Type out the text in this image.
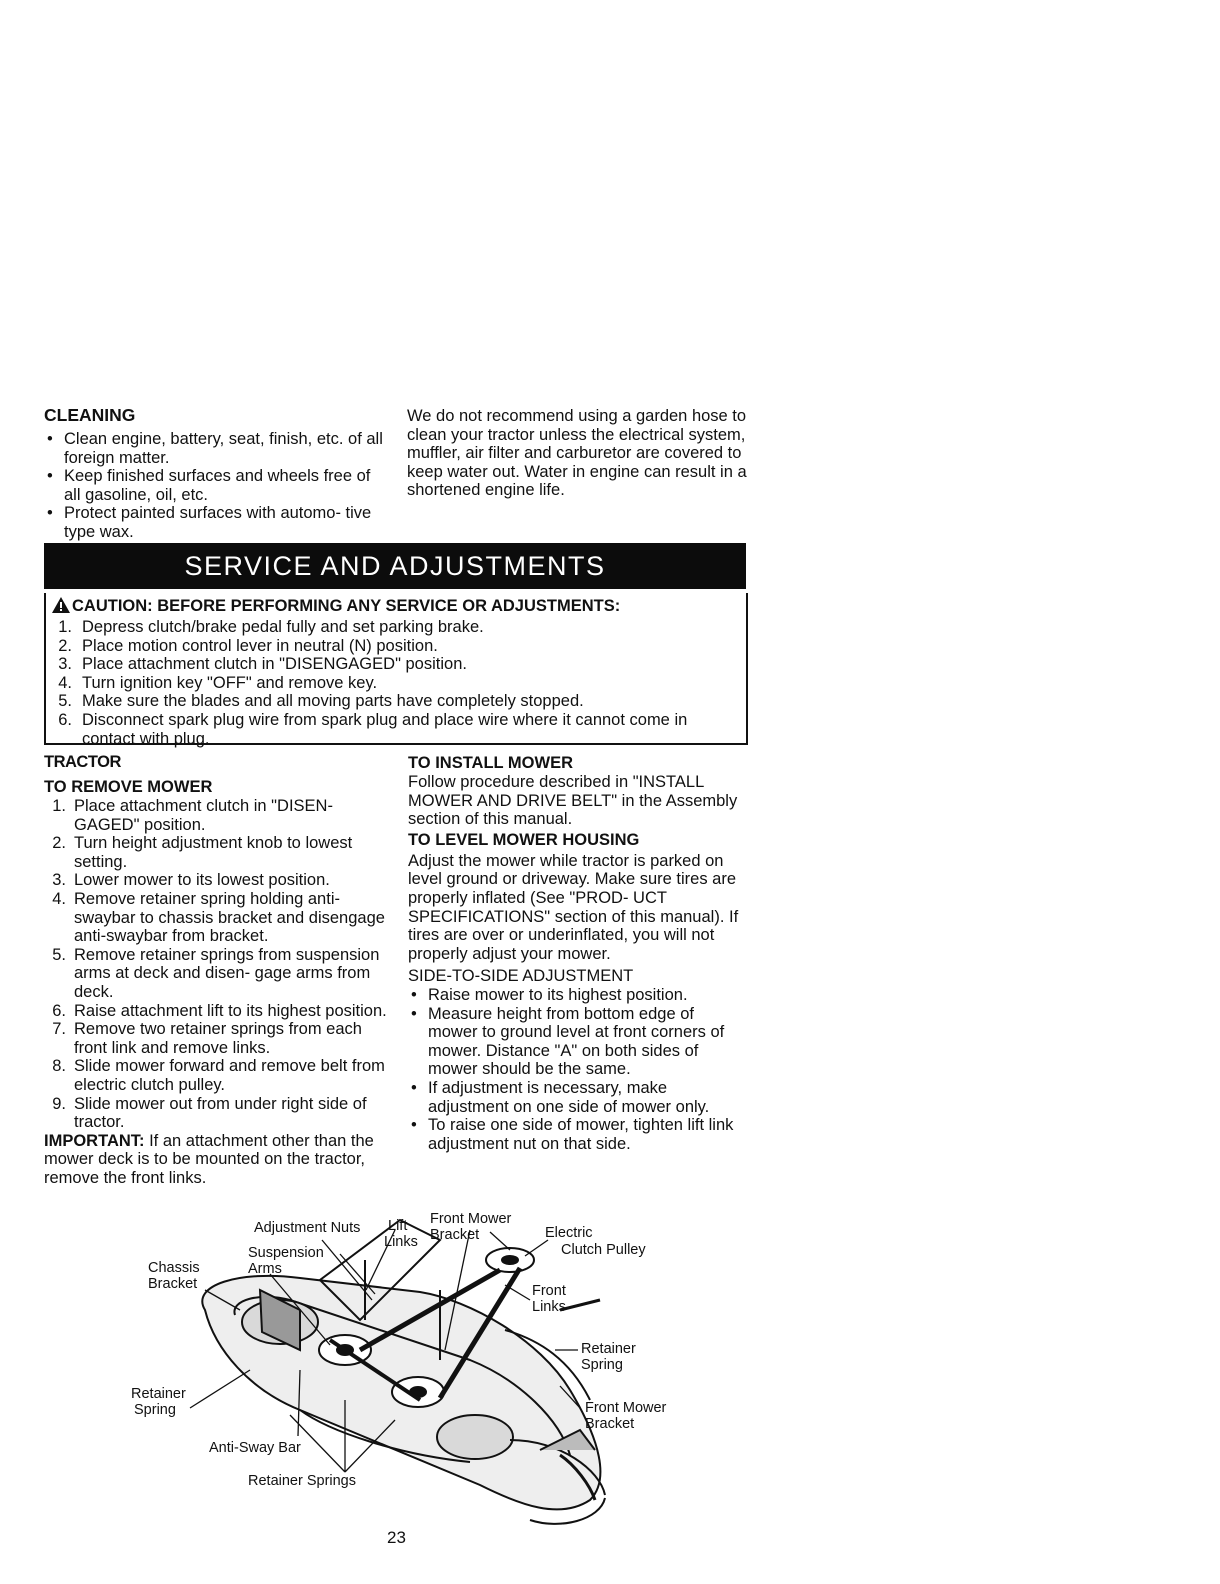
CLEANING
• Clean engine, battery, seat, finish, etc. of all foreign matter.
• Keep finished surfaces and wheels free of all gasoline, oil, etc.
• Protect painted surfaces with automo- tive type wax.
We do not recommend using a garden hose to clean your tractor unless the electrical system, muffler, air filter and carburetor are covered to keep water out. Water in engine can result in a shortened engine life.
SERVICE AND ADJUSTMENTS
CAUTION: BEFORE PERFORMING ANY SERVICE OR ADJUSTMENTS:
1. Depress clutch/brake pedal fully and set parking brake.
2. Place motion control lever in neutral (N) position.
3. Place attachment clutch in "DISENGAGED" position.
4. Turn ignition key "OFF" and remove key.
5. Make sure the blades and all moving parts have completely stopped.
6. Disconnect spark plug wire from spark plug and place wire where it cannot come in contact with plug.
TRACTOR
TO REMOVE MOWER
1. Place attachment clutch in "DISEN- GAGED" position.
2. Turn height adjustment knob to lowest setting.
3. Lower mower to its lowest position.
4. Remove retainer spring holding anti- swaybar to chassis bracket and disengage anti-swaybar from bracket.
5. Remove retainer springs from suspension arms at deck and disen- gage arms from deck.
6. Raise attachment lift to its highest position.
7. Remove two retainer springs from each front link and remove links.
8. Slide mower forward and remove belt from electric clutch pulley.
9. Slide mower out from under right side of tractor.
IMPORTANT: If an attachment other than the mower deck is to be mounted on the tractor, remove the front links.
TO INSTALL MOWER
Follow procedure described in "INSTALL MOWER AND DRIVE BELT" in the Assembly section of this manual.
TO LEVEL MOWER HOUSING
Adjust the mower while tractor is parked on level ground or driveway. Make sure tires are properly inflated (See "PROD- UCT SPECIFICATIONS" section of this manual). If tires are over or underinflated, you will not properly adjust your mower.
SIDE-TO-SIDE ADJUSTMENT
• Raise mower to its highest position.
• Measure height from bottom edge of mower to ground level at front corners of mower. Distance "A" on both sides of mower should be the same.
• If adjustment is necessary, make adjustment on one side of mower only.
• To raise one side of mower, tighten lift link adjustment nut on that side.
Adjustment Nuts Lift
Links
Front Mower
Bracket	Electric
Clutch Pulley
Suspension
Arms
Chassis
Bracket	Front
Links
Retainer
Spring
Retainer
Spring	Front Mower
Bracket
Anti-Sway Bar
Retainer Springs
23
